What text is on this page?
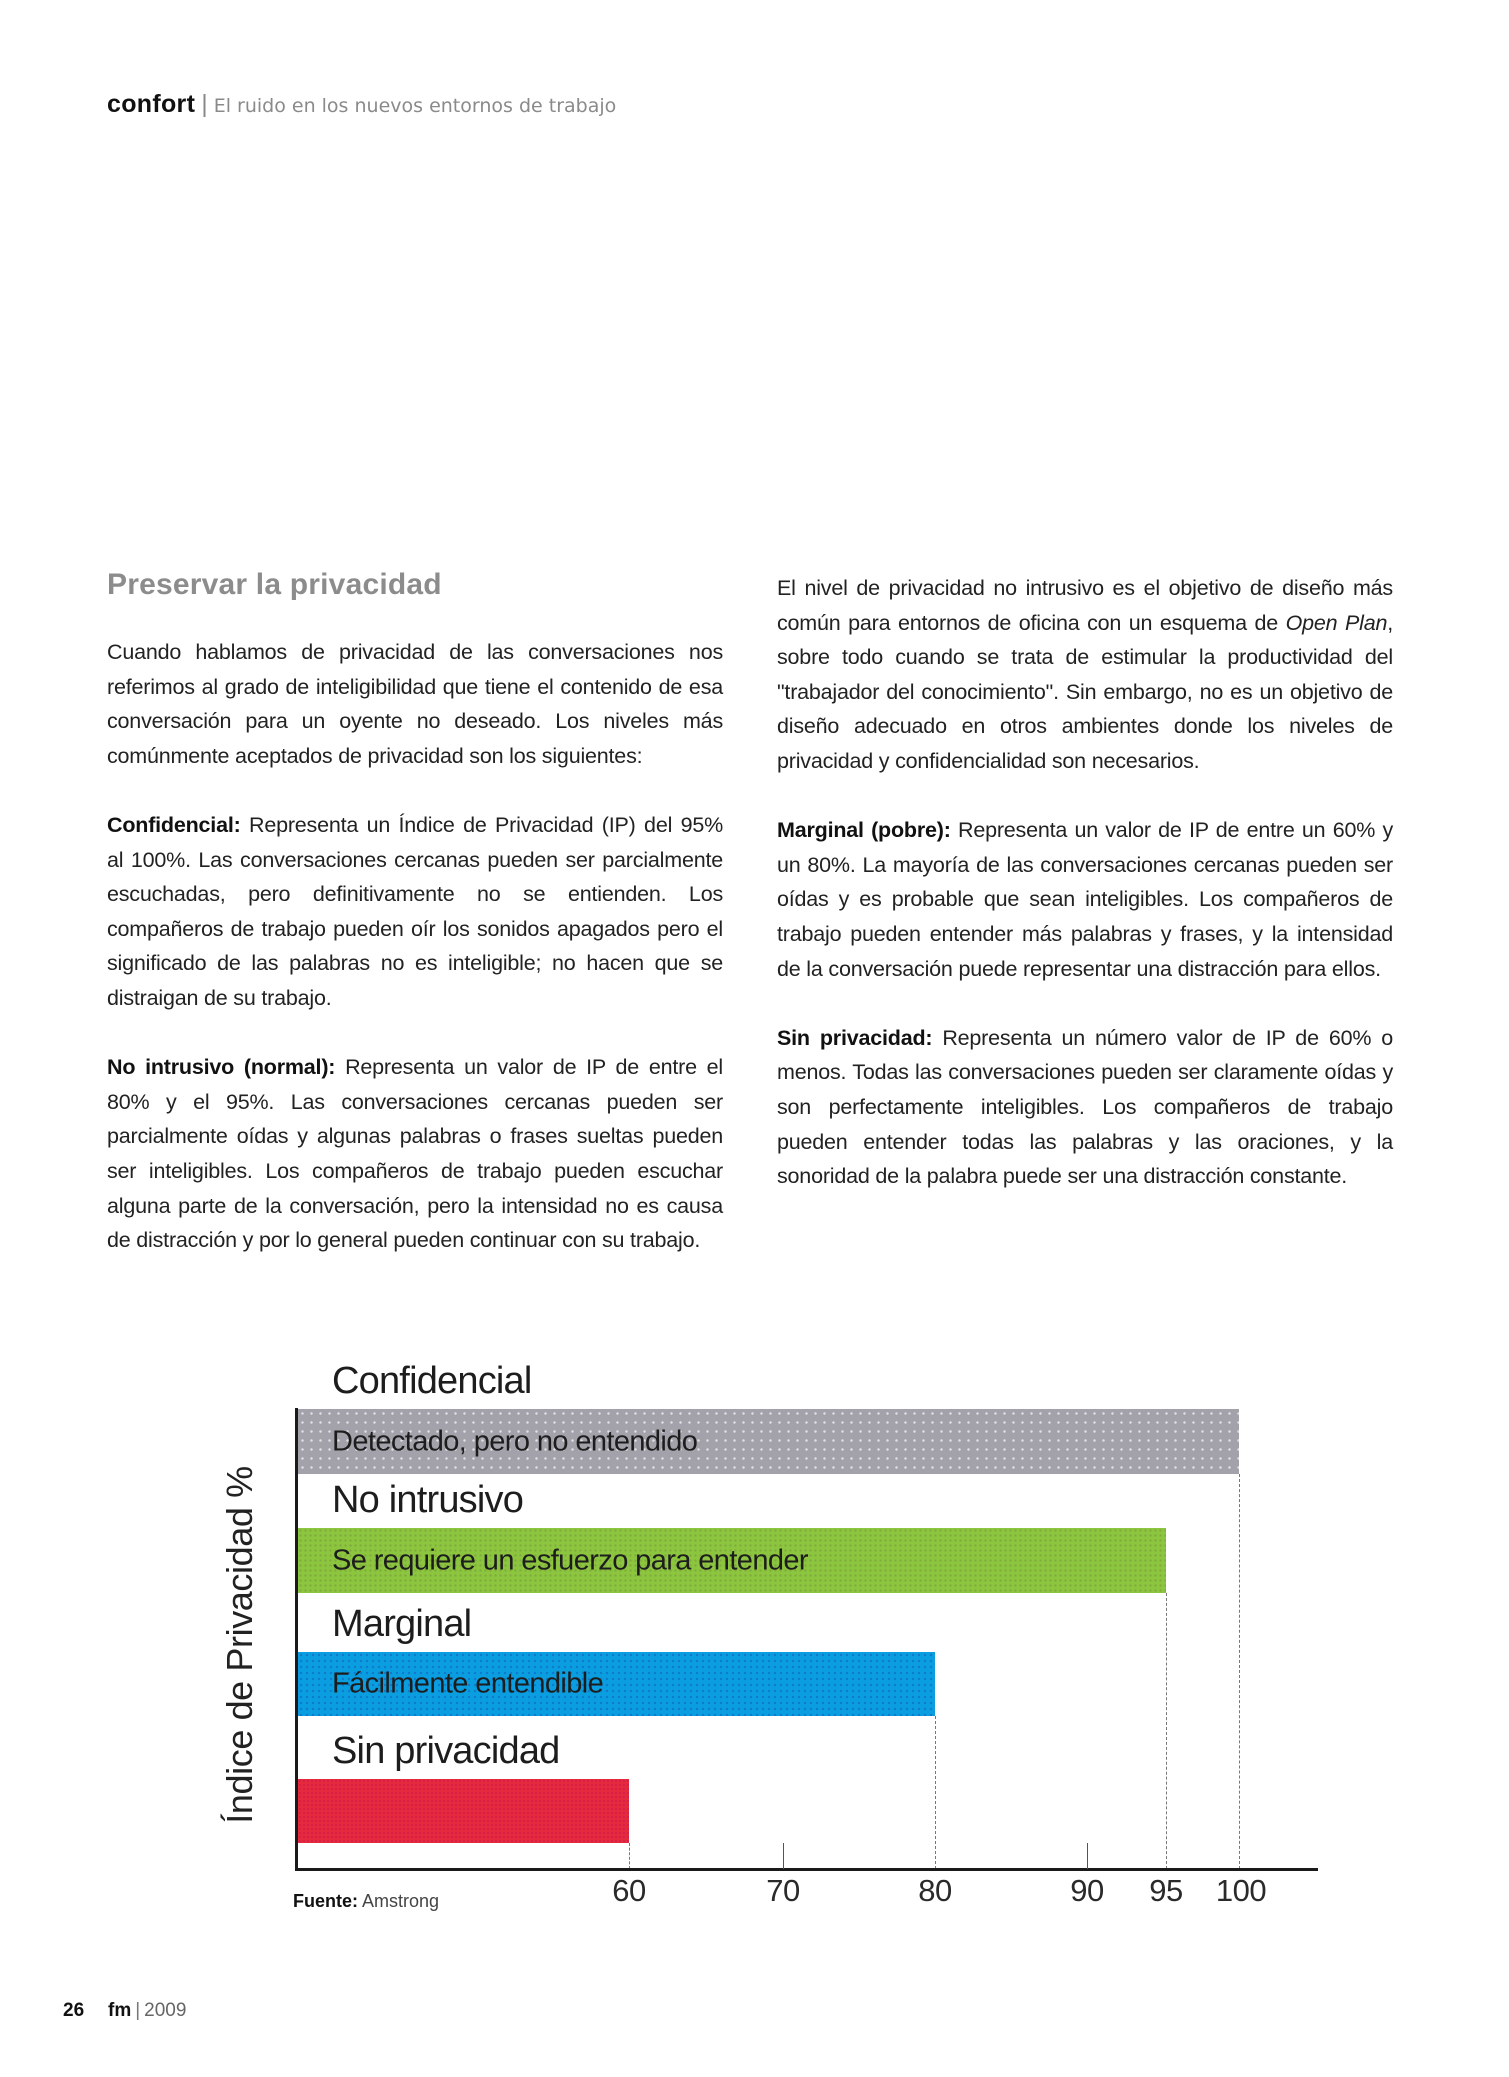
confort | El ruido en los nuevos entornos de trabajo
Preservar la privacidad

Cuando hablamos de privacidad de las conversaciones nos referimos al grado de inteligibilidad que tiene el contenido de esa conversación para un oyente no deseado. Los niveles más comúnmente aceptados de privacidad son los siguientes:

Confidencial: Representa un Índice de Privacidad (IP) del 95% al 100%. Las conversaciones cercanas pueden ser parcialmente escuchadas, pero definitivamente no se entienden. Los compañeros de trabajo pueden oír los sonidos apagados pero el significado de las palabras no es inteligible; no hacen que se distraigan de su trabajo.

No intrusivo (normal): Representa un valor de IP de entre el 80% y el 95%. Las conversaciones cercanas pueden ser parcialmente oídas y algunas palabras o frases sueltas pueden ser inteligibles. Los compañeros de trabajo pueden escuchar alguna parte de la conversación, pero la intensidad no es causa de distracción y por lo general pueden continuar con su trabajo.

El nivel de privacidad no intrusivo es el objetivo de diseño más común para entornos de oficina con un esquema de Open Plan, sobre todo cuando se trata de estimular la productividad del "trabajador del conocimiento". Sin embargo, no es un objetivo de diseño adecuado en otros ambientes donde los niveles de privacidad y confidencialidad son necesarios.

Marginal (pobre): Representa un valor de IP de entre un 60% y un 80%. La mayoría de las conversaciones cercanas pueden ser oídas y es probable que sean inteligibles. Los compañeros de trabajo pueden entender más palabras y frases, y la intensidad de la conversación puede representar una distracción para ellos.

Sin privacidad: Representa un número valor de IP de 60% o menos. Todas las conversaciones pueden ser claramente oídas y son perfectamente inteligibles. Los compañeros de trabajo pueden entender todas las palabras y las oraciones, y la sonoridad de la palabra puede ser una distracción constante.

Índice de Privacidad %
Confidencial
No intrusivo
Marginal
Sin privacidad
Detectado, pero no entendido
Se requiere un esfuerzo para entender
Fácilmente entendible
60	70	80	90 95 100
Fuente: Amstrong
26 fm | 2009
